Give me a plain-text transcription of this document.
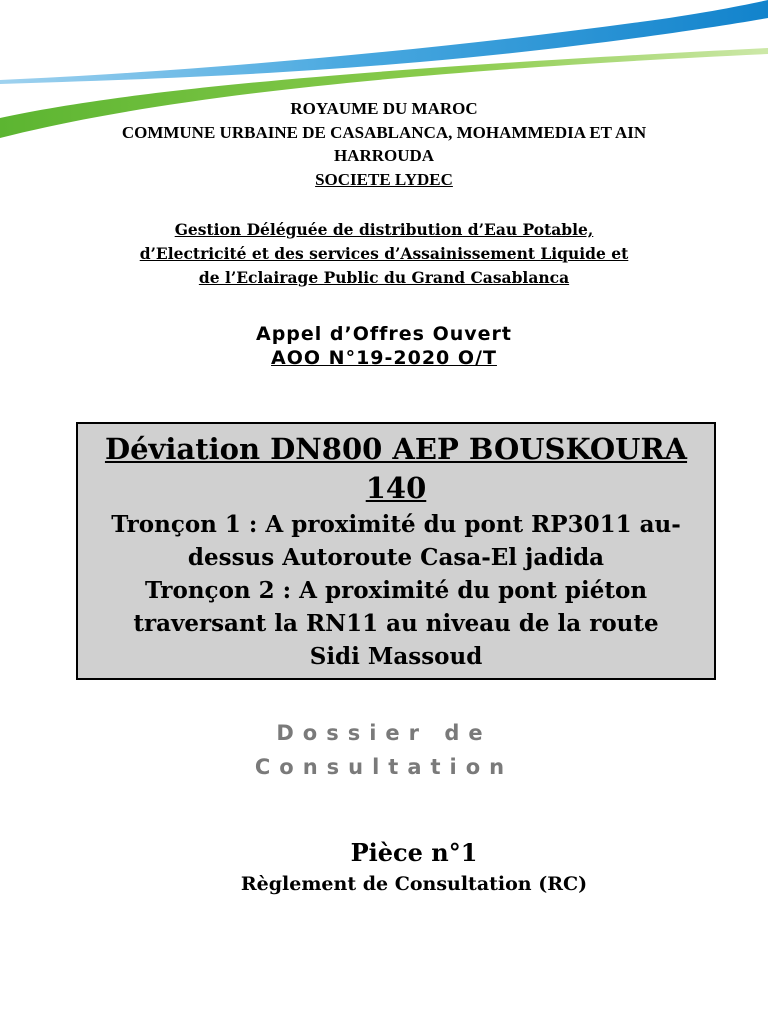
ROYAUME DU MAROC
COMMUNE URBAINE DE CASABLANCA, MOHAMMEDIA ET AIN
HARROUDA
SOCIETE LYDEC
Gestion Déléguée de distribution d’Eau Potable,
d’Electricité et des services d’Assainissement Liquide et
de l’Eclairage Public du Grand Casablanca
Appel d’Offres Ouvert
AOO N°19-2020 O/T
Déviation DN800 AEP BOUSKOURA
140
Tronçon 1 : A proximité du pont RP3011 au-
dessus Autoroute Casa-El jadida
Tronçon 2 : A proximité du pont piéton
traversant la RN11 au niveau de la route
Sidi Massoud
Dossier de
Consultation
Pièce n°1
Règlement de Consultation (RC)
